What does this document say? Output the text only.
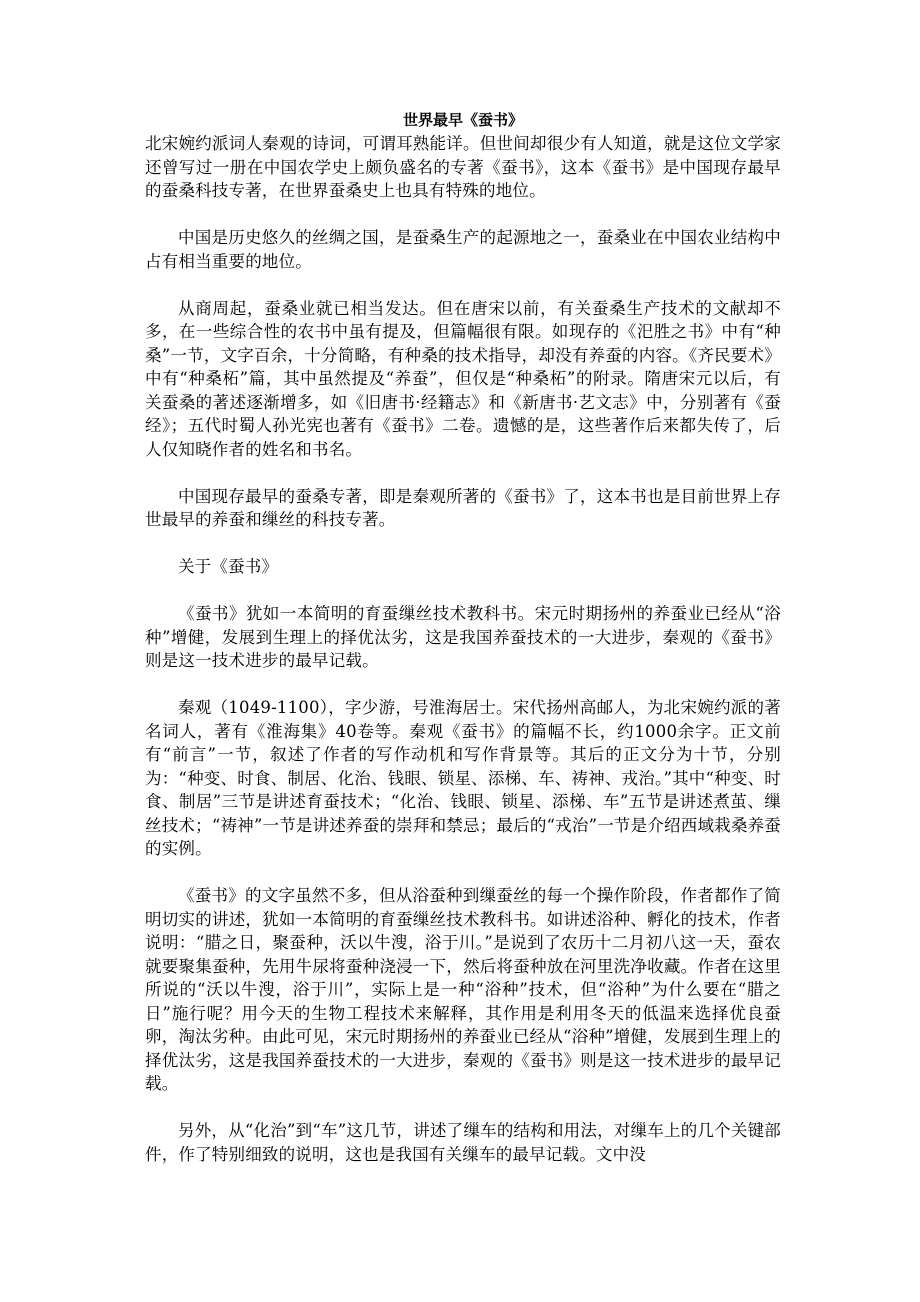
世界最早《蚕书》

北宋婉约派词人秦观的诗词，可谓耳熟能详。但世间却很少有人知道，就是这位文学家还曾写过一册在中国农学史上颇负盛名的专著《蚕书》，这本《蚕书》是中国现存最早的蚕桑科技专著，在世界蚕桑史上也具有特殊的地位。

中国是历史悠久的丝绸之国，是蚕桑生产的起源地之一，蚕桑业在中国农业结构中占有相当重要的地位。

从商周起，蚕桑业就已相当发达。但在唐宋以前，有关蚕桑生产技术的文献却不多，在一些综合性的农书中虽有提及，但篇幅很有限。如现存的《汜胜之书》中有“种桑”一节，文字百余，十分简略，有种桑的技术指导，却没有养蚕的内容。《齐民要术》中有“种桑柘”篇，其中虽然提及“养蚕”，但仅是“种桑柘”的附录。隋唐宋元以后，有关蚕桑的著述逐渐增多，如《旧唐书·经籍志》和《新唐书·艺文志》中，分别著有《蚕经》；五代时蜀人孙光宪也著有《蚕书》二卷。遗憾的是，这些著作后来都失传了，后人仅知晓作者的姓名和书名。

中国现存最早的蚕桑专著，即是秦观所著的《蚕书》了，这本书也是目前世界上存世最早的养蚕和缫丝的科技专著。

关于《蚕书》

《蚕书》犹如一本简明的育蚕缫丝技术教科书。宋元时期扬州的养蚕业已经从“浴种”增健，发展到生理上的择优汰劣，这是我国养蚕技术的一大进步，秦观的《蚕书》则是这一技术进步的最早记载。

秦观（1049-1100），字少游，号淮海居士。宋代扬州高邮人，为北宋婉约派的著名词人，著有《淮海集》40卷等。秦观《蚕书》的篇幅不长，约1000余字。正文前有“前言”一节，叙述了作者的写作动机和写作背景等。其后的正文分为十节，分别为：“种变、时食、制居、化治、钱眼、锁星、添梯、车、祷神、戎治。”其中“种变、时食、制居”三节是讲述育蚕技术；“化治、钱眼、锁星、添梯、车”五节是讲述煮茧、缫丝技术；“祷神”一节是讲述养蚕的崇拜和禁忌；最后的“戎治”一节是介绍西域栽桑养蚕的实例。

《蚕书》的文字虽然不多，但从浴蚕种到缫蚕丝的每一个操作阶段，作者都作了简明切实的讲述，犹如一本简明的育蚕缫丝技术教科书。如讲述浴种、孵化的技术，作者说明：“腊之日，聚蚕种，沃以牛溲，浴于川。”是说到了农历十二月初八这一天，蚕农就要聚集蚕种，先用牛尿将蚕种浇浸一下，然后将蚕种放在河里洗净收藏。作者在这里所说的“沃以牛溲，浴于川”，实际上是一种“浴种”技术，但“浴种”为什么要在“腊之日”施行呢？用今天的生物工程技术来解释，其作用是利用冬天的低温来选择优良蚕卵，淘汰劣种。由此可见，宋元时期扬州的养蚕业已经从“浴种”增健，发展到生理上的择优汰劣，这是我国养蚕技术的一大进步，秦观的《蚕书》则是这一技术进步的最早记载。

另外，从“化治”到“车”这几节，讲述了缫车的结构和用法，对缫车上的几个关键部件，作了特别细致的说明，这也是我国有关缫车的最早记载。文中没
